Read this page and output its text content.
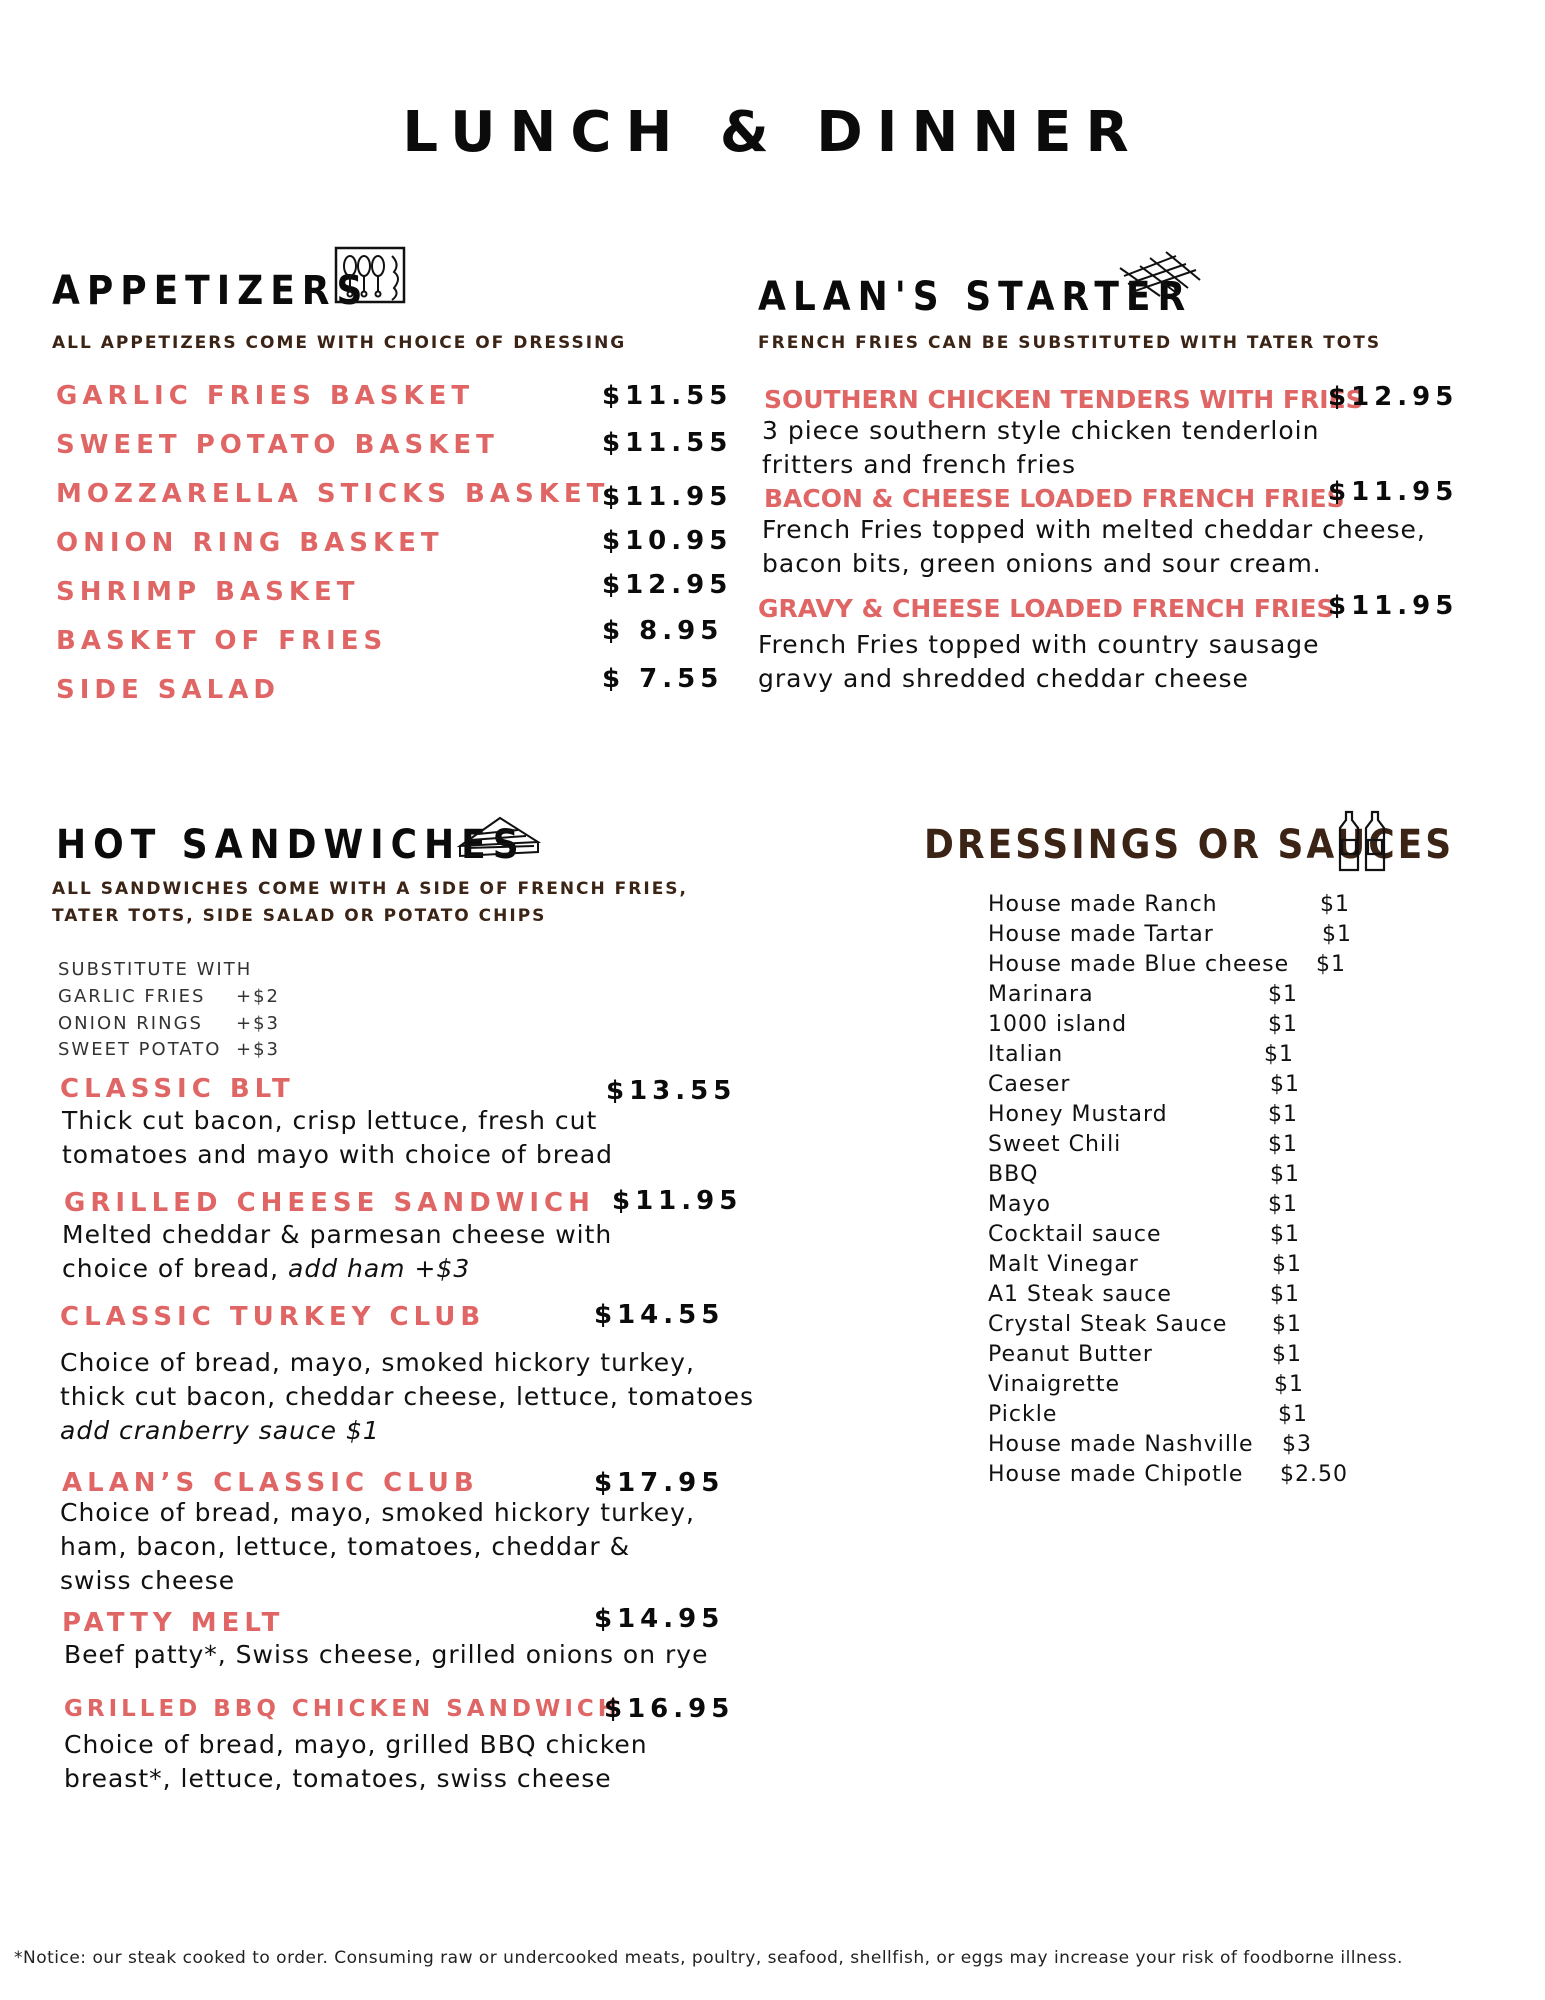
LUNCH & DINNER
APPETIZERS
ALL APPETIZERS COME WITH CHOICE OF DRESSING
GARLIC FRIES BASKET	$11.55
SWEET POTATO BASKET	$11.55
MOZZARELLA STICKS BASKET
$11.95
ONION RING BASKET	$10.95
SHRIMP BASKET	$12.95
BASKET OF FRIES	$ 8.95
SIDE SALAD	$ 7.55
ALAN'S STARTER
FRENCH FRIES CAN BE SUBSTITUTED WITH TATER TOTS
SOUTHERN CHICKEN TENDERS WITH FRIES
$12.95
3 piece southern style chicken tenderloin fritters and french fries
BACON & CHEESE LOADED FRENCH FRIES
$11.95
French Fries topped with melted cheddar cheese, bacon bits, green onions and sour cream.
GRAVY & CHEESE LOADED FRENCH FRIES
$11.95
French Fries topped with country sausage gravy and shredded cheddar cheese
HOT SANDWICHES
ALL SANDWICHES COME WITH A SIDE OF FRENCH FRIES, TATER TOTS, SIDE SALAD OR POTATO CHIPS
SUBSTITUTE WITH
GARLIC FRIES +$2
ONION RINGS +$3
SWEET POTATO +$3
CLASSIC BLT	$13.55
Thick cut bacon, crisp lettuce, fresh cut tomatoes and mayo with choice of bread
GRILLED CHEESE SANDWICH $11.95
Melted cheddar & parmesan cheese with choice of bread, add ham +$3
CLASSIC TURKEY CLUB	$14.55
Choice of bread, mayo, smoked hickory turkey, thick cut bacon, cheddar cheese, lettuce, tomatoes
add cranberry sauce $1
ALAN’S CLASSIC CLUB	$17.95
Choice of bread, mayo, smoked hickory turkey, ham, bacon, lettuce, tomatoes, cheddar & swiss cheese
PATTY MELT	$14.95
Beef patty*, Swiss cheese, grilled onions on rye
GRILLED BBQ CHICKEN SANDWICH
$16.95
Choice of bread, mayo, grilled BBQ chicken breast*, lettuce, tomatoes, swiss cheese
DRESSINGS OR SAUCES
House made Ranch	$1
House made Tartar	$1
House made Blue cheese $1
Marinara	$1
1000 island	$1
Italian	$1
Caeser	$1
Honey Mustard	$1
Sweet Chili	$1
BBQ	$1
Mayo	$1
Cocktail sauce	$1
Malt Vinegar	$1
A1 Steak sauce	$1
Crystal Steak Sauce $1
Peanut Butter	$1
Vinaigrette	$1
Pickle	$1
House made Nashville $3
House made Chipotle $2.50
*Notice: our steak cooked to order. Consuming raw or undercooked meats, poultry, seafood, shellfish, or eggs may increase your risk of foodborne illness.
